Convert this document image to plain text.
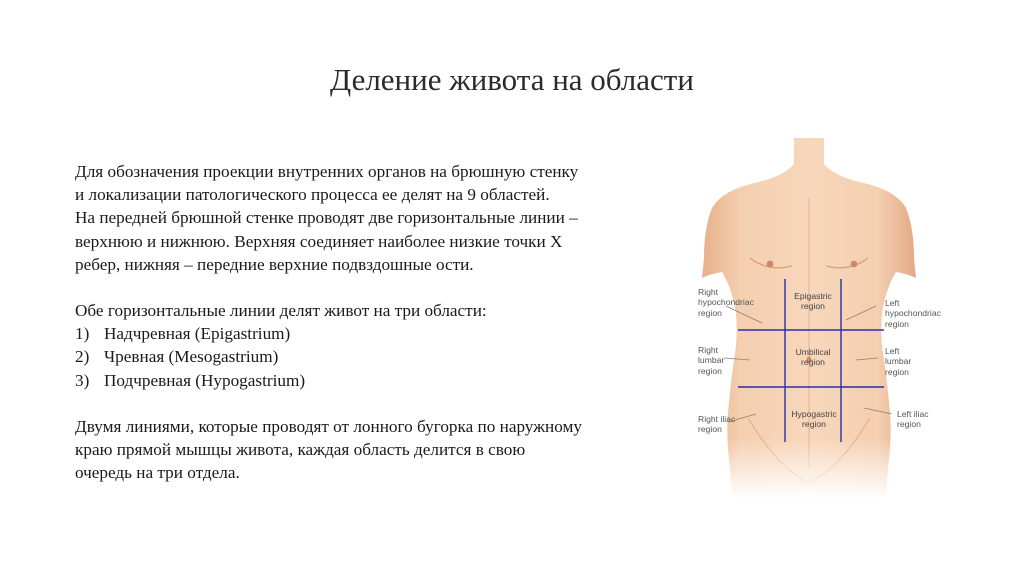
Деление живота на области

Для обозначения проекции внутренних органов на брюшную стенку

и локализации патологического процесса ее делят на 9 областей.

На передней брюшной стенке проводят две горизонтальные линии –

верхнюю и нижнюю. Верхняя соединяет наиболее низкие точки X

ребер, нижняя – передние верхние подвздошные ости.

Обе горизонтальные линии делят живот на три области:

1) Надчревная (Epigastrium)
2) Чревная (Mesogastrium)
3) Подчревная (Hypogastrium)

Двумя линиями, которые проводят от лонного бугорка по наружному

краю прямой мышцы живота, каждая область делится в свою

очередь на три отдела.

Right
hypochondriac
region
Epigastric
region	Left
hypochondriac
region
Right
lumbar
region
Umbilical
region
Left
lumbar
region
Right iliac
region
Hypogastric
region
Left iliac
region
